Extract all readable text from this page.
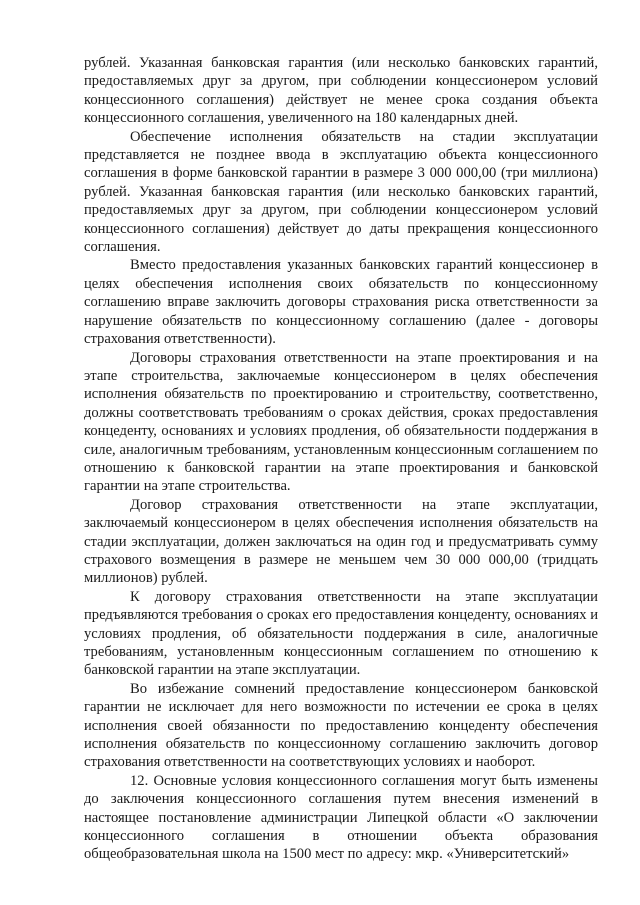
рублей. Указанная банковская гарантия (или несколько банковских гарантий, предоставляемых друг за другом, при соблюдении концессионером условий концессионного соглашения) действует не менее срока создания объекта концессионного соглашения, увеличенного на 180 календарных дней.

Обеспечение исполнения обязательств на стадии эксплуатации представляется не позднее ввода в эксплуатацию объекта концессионного соглашения в форме банковской гарантии в размере 3 000 000,00 (три миллиона) рублей. Указанная банковская гарантия (или несколько банковских гарантий, предоставляемых друг за другом, при соблюдении концессионером условий концессионного соглашения) действует до даты прекращения концессионного соглашения.

Вместо предоставления указанных банковских гарантий концессионер в целях обеспечения исполнения своих обязательств по концессионному соглашению вправе заключить договоры страхования риска ответственности за нарушение обязательств по концессионному соглашению (далее - договоры страхования ответственности).

Договоры страхования ответственности на этапе проектирования и на этапе строительства, заключаемые концессионером в целях обеспечения исполнения обязательств по проектированию и строительству, соответственно, должны соответствовать требованиям о сроках действия, сроках предоставления концеденту, основаниях и условиях продления, об обязательности поддержания в силе, аналогичным требованиям, установленным концессионным соглашением по отношению к банковской гарантии на этапе проектирования и банковской гарантии на этапе строительства.

Договор страхования ответственности на этапе эксплуатации, заключаемый концессионером в целях обеспечения исполнения обязательств на стадии эксплуатации, должен заключаться на один год и предусматривать сумму страхового возмещения в размере не меньшем чем 30 000 000,00 (тридцать миллионов) рублей.

К договору страхования ответственности на этапе эксплуатации предъявляются требования о сроках его предоставления концеденту, основаниях и условиях продления, об обязательности поддержания в силе, аналогичные требованиям, установленным концессионным соглашением по отношению к банковской гарантии на этапе эксплуатации.

Во избежание сомнений предоставление концессионером банковской гарантии не исключает для него возможности по истечении ее срока в целях исполнения своей обязанности по предоставлению концеденту обеспечения исполнения обязательств по концессионному соглашению заключить договор страхования ответственности на соответствующих условиях и наоборот.

12. Основные условия концессионного соглашения могут быть изменены до заключения концессионного соглашения путем внесения изменений в настоящее постановление администрации Липецкой области «О заключении концессионного соглашения в отношении объекта образования общеобразовательная школа на 1500 мест по адресу: мкр. «Университетский»
